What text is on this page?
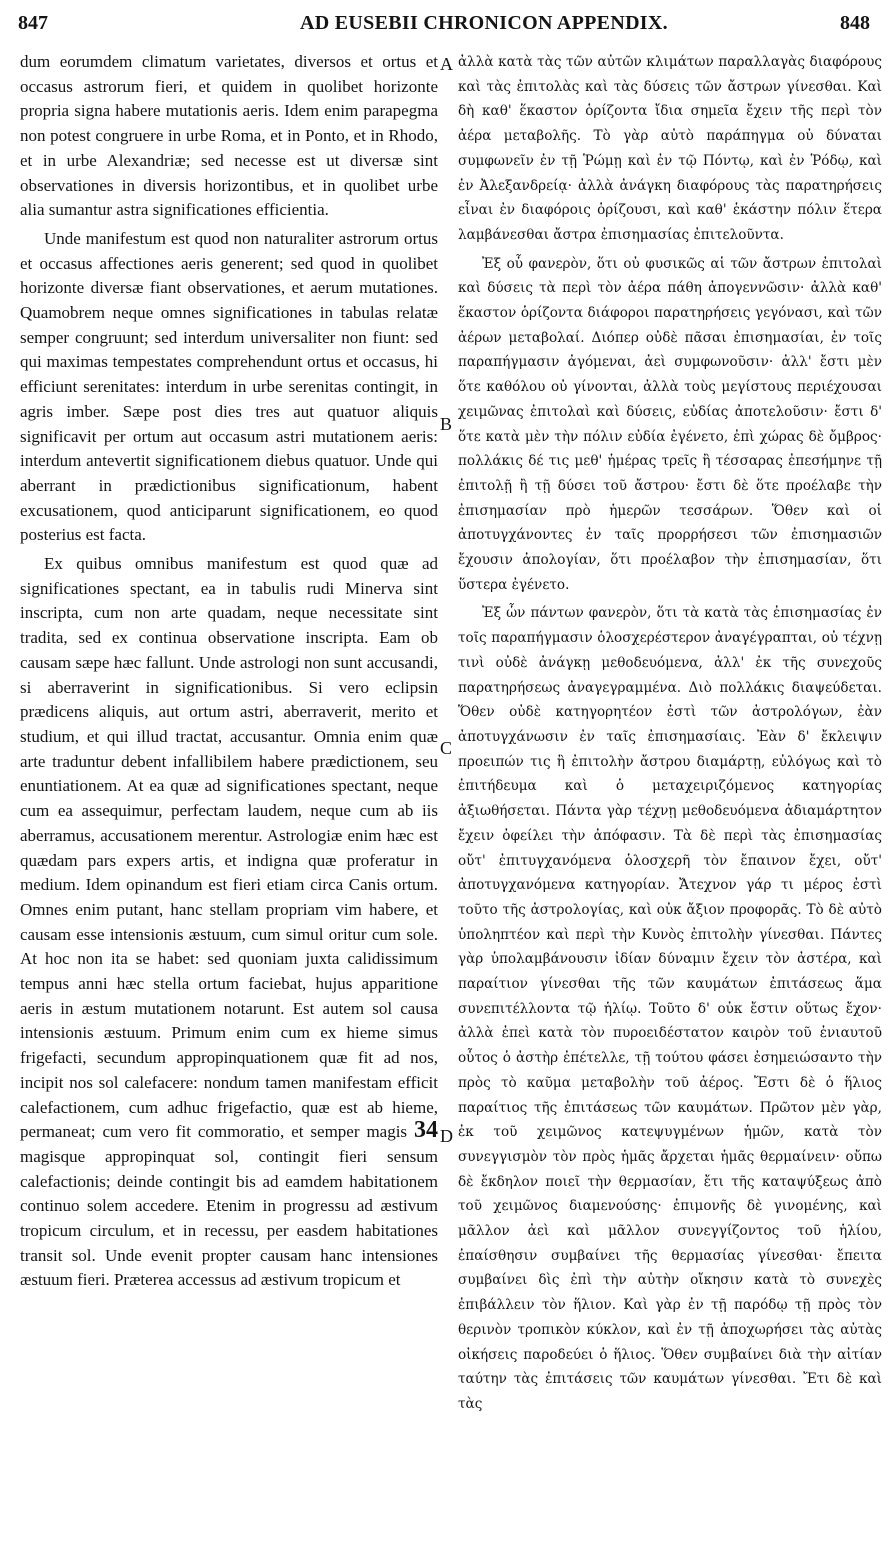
847	AD EUSEBII CHRONICON APPENDIX.	848
A
B
C
D

dum eorumdem climatum varietates, diversos et ortus et occasus astrorum fieri, et quidem in quolibet horizonte propria signa habere mutationis aeris. Idem enim parapegma non potest congruere in urbe Roma, et in Ponto, et in Rhodo, et in urbe Alexandriæ; sed necesse est ut diversæ sint observationes in diversis horizontibus, et in quolibet urbe alia sumantur astra significationes efficientia.

Unde manifestum est quod non naturaliter astrorum ortus et occasus affectiones aeris generent; sed quod in quolibet horizonte diversæ fiant observationes, et aerum mutationes. Quamobrem neque omnes significationes in tabulas relatæ semper congruunt; sed interdum universaliter non fiunt: sed qui maximas tempestates comprehendunt ortus et occasus, hi efficiunt serenitates: interdum in urbe serenitas contingit, in agris imber. Sæpe post dies tres aut quatuor aliquis significavit per ortum aut occasum astri mutationem aeris: interdum antevertit significationem diebus quatuor. Unde qui aberrant in prædictionibus significationum, habent excusationem, quod anticiparunt significationem, eo quod posterius est facta.

Ex quibus omnibus manifestum est quod quæ ad significationes spectant, ea in tabulis rudi Minerva sint inscripta, cum non arte quadam, neque necessitate sint tradita, sed ex continua observatione inscripta. Eam ob causam sæpe hæc fallunt. Unde astrologi non sunt accusandi, si aberraverint in significationibus. Si vero eclipsin prædicens aliquis, aut ortum astri, aberraverit, merito et studium, et qui illud tractat, accusantur. Omnia enim quæ arte traduntur debent infallibilem habere prædictionem, seu enuntiationem. At ea quæ ad significationes spectant, neque cum ea assequimur, perfectam laudem, neque cum ab iis aberramus, accusationem merentur. Astrologiæ enim hæc est quædam pars expers artis, et indigna quæ proferatur in medium. Idem opinandum est fieri etiam circa Canis ortum. Omnes enim putant, hanc stellam propriam vim habere, et causam esse intensionis æstuum, cum simul oritur cum sole. At hoc non ita se habet: sed quoniam juxta calidissimum tempus anni hæc stella ortum faciebat, hujus apparitione aeris in æstum mutationem notarunt. Est autem sol causa intensionis æstuum. Primum enim cum ex hieme simus frigefacti, secundum appropinquationem quæ fit ad nos, incipit nos sol calefacere: nondum tamen manifestam efficit calefactionem, cum adhuc frigefactio, quæ est ab hieme, permaneat; cum vero fit commoratio, et semper magis 34 magisque appropinquat sol, contingit fieri sensum calefactionis; deinde contingit bis ad eamdem habitationem continuo solem accedere. Etenim in progressu ad æstivum tropicum circulum, et in recessu, per easdem habitationes transit sol. Unde evenit propter causam hanc intensiones æstuum fieri. Præterea accessus ad æstivum tropicum et

ἀλλὰ κατὰ τὰς τῶν αὐτῶν κλιμάτων παραλλαγὰς διαφόρους καὶ τὰς ἐπιτολὰς καὶ τὰς δύσεις τῶν ἄστρων γίνεσθαι. Καὶ δὴ καθ' ἕκαστον ὁρίζοντα ἴδια σημεῖα ἔχειν τῆς περὶ τὸν ἀέρα μεταβολῆς. Τὸ γὰρ αὐτὸ παράπηγμα οὐ δύναται συμφωνεῖν ἐν τῇ Ῥώμῃ καὶ ἐν τῷ Πόντῳ, καὶ ἐν Ῥόδῳ, καὶ ἐν Ἀλεξανδρείᾳ· ἀλλὰ ἀνάγκη διαφόρους τὰς παρατηρήσεις εἶναι ἐν διαφόροις ὁρίζουσι, καὶ καθ' ἑκάστην πόλιν ἕτερα λαμβάνεσθαι ἄστρα ἐπισημασίας ἐπιτελοῦντα.

Ἐξ οὗ φανερὸν, ὅτι οὐ φυσικῶς αἱ τῶν ἄστρων ἐπιτολαὶ καὶ δύσεις τὰ περὶ τὸν ἀέρα πάθη ἀπογεννῶσιν· ἀλλὰ καθ' ἕκαστον ὁρίζοντα διάφοροι παρατηρήσεις γεγόνασι, καὶ τῶν ἀέρων μεταβολαί. Διόπερ οὐδὲ πᾶσαι ἐπισημασίαι, ἐν τοῖς παραπήγμασιν ἀγόμεναι, ἀεὶ συμφωνοῦσιν· ἀλλ' ἔστι μὲν ὅτε καθόλου οὐ γίνονται, ἀλλὰ τοὺς μεγίστους περιέχουσαι χειμῶνας ἐπιτολαὶ καὶ δύσεις, εὐδίας ἀποτελοῦσιν· ἔστι δ' ὅτε κατὰ μὲν τὴν πόλιν εὐδία ἐγένετο, ἐπὶ χώρας δὲ ὄμβρος· πολλάκις δέ τις μεθ' ἡμέρας τρεῖς ἢ τέσσαρας ἐπεσήμηνε τῇ ἐπιτολῇ ἢ τῇ δύσει τοῦ ἄστρου· ἔστι δὲ ὅτε προέλαβε τὴν ἐπισημασίαν πρὸ ἡμερῶν τεσσάρων. Ὅθεν καὶ οἱ ἀποτυγχάνοντες ἐν ταῖς προρρήσεσι τῶν ἐπισημασιῶν ἔχουσιν ἀπολογίαν, ὅτι προέλαβον τὴν ἐπισημασίαν, ὅτι ὕστερα ἐγένετο.

Ἐξ ὧν πάντων φανερὸν, ὅτι τὰ κατὰ τὰς ἐπισημασίας ἐν τοῖς παραπήγμασιν ὁλοσχερέστερον ἀναγέγραπται, οὐ τέχνῃ τινὶ οὐδὲ ἀνάγκῃ μεθοδευόμενα, ἀλλ' ἐκ τῆς συνεχοῦς παρατηρήσεως ἀναγεγραμμένα. Διὸ πολλάκις διαψεύδεται. Ὅθεν οὐδὲ κατηγορητέον ἐστὶ τῶν ἀστρολόγων, ἐὰν ἀποτυγχάνωσιν ἐν ταῖς ἐπισημασίαις. Ἐὰν δ' ἔκλειψιν προειπών τις ἢ ἐπιτολὴν ἄστρου διαμάρτῃ, εὐλόγως καὶ τὸ ἐπιτήδευμα καὶ ὁ μεταχειριζόμενος κατηγορίας ἀξιωθήσεται. Πάντα γὰρ τέχνῃ μεθοδευόμενα ἀδιαμάρτητον ἔχειν ὀφείλει τὴν ἀπόφασιν. Τὰ δὲ περὶ τὰς ἐπισημασίας οὔτ' ἐπιτυγχανόμενα ὁλοσχερῆ τὸν ἔπαινον ἔχει, οὔτ' ἀποτυγχανόμενα κατηγορίαν. Ἄτεχνον γάρ τι μέρος ἐστὶ τοῦτο τῆς ἀστρολογίας, καὶ οὐκ ἄξιον προφορᾶς. Τὸ δὲ αὐτὸ ὑποληπτέον καὶ περὶ τὴν Κυνὸς ἐπιτολὴν γίνεσθαι. Πάντες γὰρ ὑπολαμβάνουσιν ἰδίαν δύναμιν ἔχειν τὸν ἀστέρα, καὶ παραίτιον γίνεσθαι τῆς τῶν καυμάτων ἐπιτάσεως ἅμα συνεπιτέλλοντα τῷ ἡλίῳ. Τοῦτο δ' οὐκ ἔστιν οὕτως ἔχον· ἀλλὰ ἐπεὶ κατὰ τὸν πυροειδέστατον καιρὸν τοῦ ἐνιαυτοῦ οὗτος ὁ ἀστὴρ ἐπέτελλε, τῇ τούτου φάσει ἐσημειώσαντο τὴν πρὸς τὸ καῦμα μεταβολὴν τοῦ ἀέρος. Ἔστι δὲ ὁ ἥλιος παραίτιος τῆς ἐπιτάσεως τῶν καυμάτων. Πρῶτον μὲν γὰρ, ἐκ τοῦ χειμῶνος κατεψυγμένων ἡμῶν, κατὰ τὸν συνεγγισμὸν τὸν πρὸς ἡμᾶς ἄρχεται ἡμᾶς θερμαίνειν· οὔπω δὲ ἔκδηλον ποιεῖ τὴν θερμασίαν, ἔτι τῆς καταψύξεως ἀπὸ τοῦ χειμῶνος διαμενούσης· ἐπιμονῆς δὲ γινομένης, καὶ μᾶλλον ἀεὶ καὶ μᾶλλον συνεγγίζοντος τοῦ ἡλίου, ἐπαίσθησιν συμβαίνει τῆς θερμασίας γίνεσθαι· ἔπειτα συμβαίνει δὶς ἐπὶ τὴν αὐτὴν οἴκησιν κατὰ τὸ συνεχὲς ἐπιβάλλειν τὸν ἥλιον. Καὶ γὰρ ἐν τῇ παρόδῳ τῇ πρὸς τὸν θερινὸν τροπικὸν κύκλον, καὶ ἐν τῇ ἀποχωρήσει τὰς αὐτὰς οἰκήσεις παροδεύει ὁ ἥλιος. Ὅθεν συμβαίνει διὰ τὴν αἰτίαν ταύτην τὰς ἐπιτάσεις τῶν καυμάτων γίνεσθαι. Ἔτι δὲ καὶ τὰς
